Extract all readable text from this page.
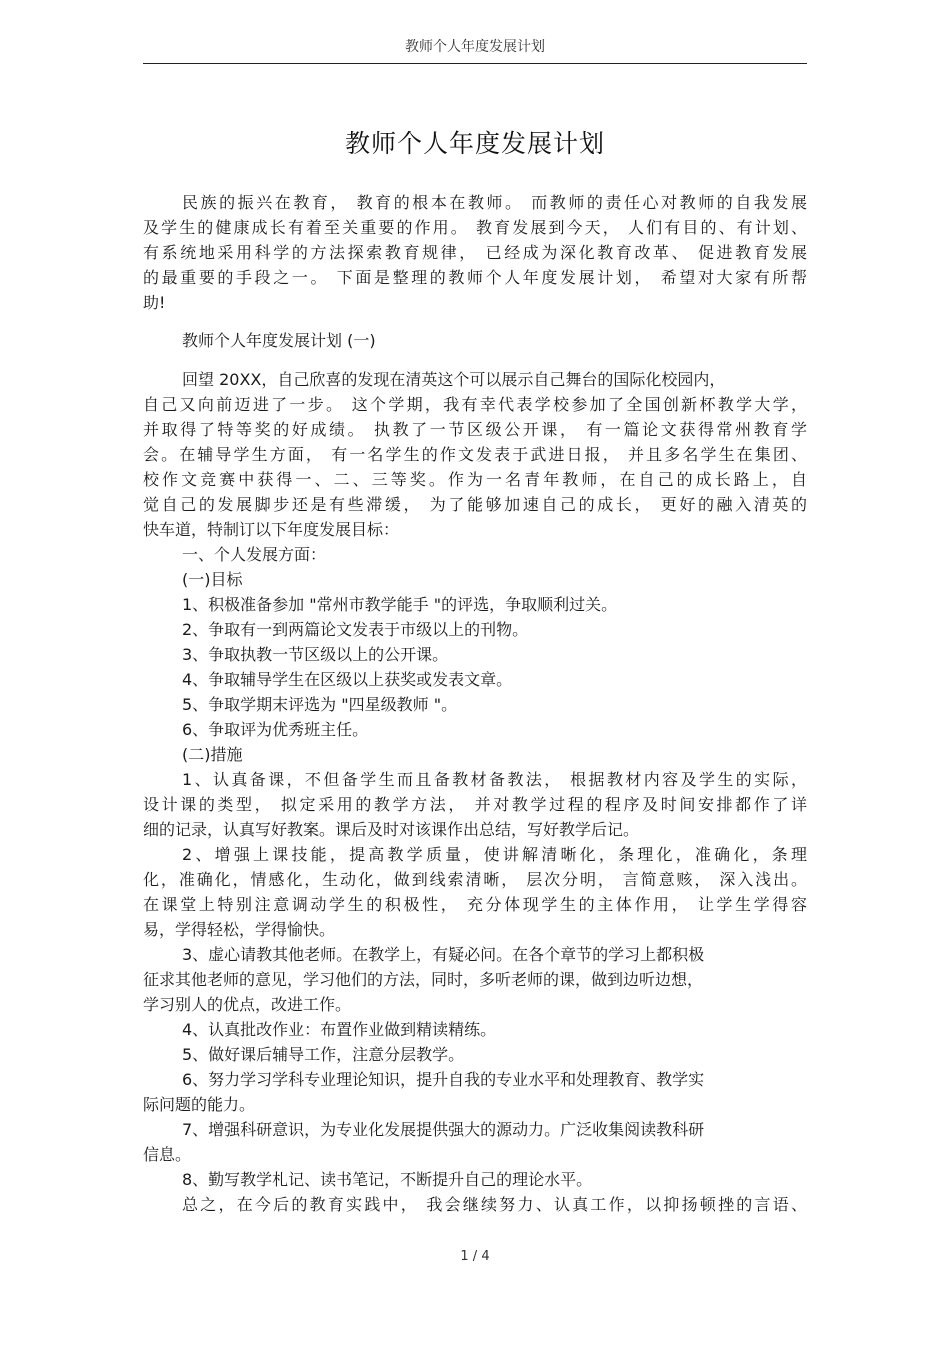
教师个人年度发展计划
教师个人年度发展计划
民族的振兴在教育， 教育的根本在教师。 而教师的责任心对教师的自我发展
及学生的健康成长有着至关重要的作用。 教育发展到今天， 人们有目的、有计划、
有系统地采用科学的方法探索教育规律， 已经成为深化教育改革、 促进教育发展
的最重要的手段之一。 下面是整理的教师个人年度发展计划， 希望对大家有所帮
助!
教师个人年度发展计划 (一)
回望 20XX，自己欣喜的发现在清英这个可以展示自己舞台的国际化校园内，
自己又向前迈进了一步。 这个学期，我有幸代表学校参加了全国创新杯教学大学，
并取得了特等奖的好成绩。 执教了一节区级公开课， 有一篇论文获得常州教育学
会。在辅导学生方面， 有一名学生的作文发表于武进日报， 并且多名学生在集团、
校作文竞赛中获得一、二、三等奖。作为一名青年教师，在自己的成长路上，自
觉自己的发展脚步还是有些滞缓， 为了能够加速自己的成长， 更好的融入清英的
快车道，特制订以下年度发展目标：
一、个人发展方面：
(一)目标
1、积极准备参加 "常州市教学能手 "的评选，争取顺利过关。
2、争取有一到两篇论文发表于市级以上的刊物。
3、争取执教一节区级以上的公开课。
4、争取辅导学生在区级以上获奖或发表文章。
5、争取学期末评选为 "四星级教师 "。
6、争取评为优秀班主任。
(二)措施
1、认真备课，不但备学生而且备教材备教法， 根据教材内容及学生的实际，
设计课的类型， 拟定采用的教学方法， 并对教学过程的程序及时间安排都作了详
细的记录，认真写好教案。课后及时对该课作出总结，写好教学后记。
2、增强上课技能，提高教学质量，使讲解清晰化，条理化，准确化，条理
化，准确化，情感化，生动化，做到线索清晰， 层次分明， 言简意赅， 深入浅出。
在课堂上特别注意调动学生的积极性， 充分体现学生的主体作用， 让学生学得容
易，学得轻松，学得愉快。
3、虚心请教其他老师。在教学上，有疑必问。在各个章节的学习上都积极
征求其他老师的意见，学习他们的方法，同时，多听老师的课，做到边听边想，
学习别人的优点，改进工作。
4、认真批改作业：布置作业做到精读精练。
5、做好课后辅导工作，注意分层教学。
6、努力学习学科专业理论知识，提升自我的专业水平和处理教育、教学实
际问题的能力。
7、增强科研意识，为专业化发展提供强大的源动力。广泛收集阅读教科研
信息。
8、勤写教学札记、读书笔记，不断提升自己的理论水平。
总之，在今后的教育实践中， 我会继续努力、认真工作，以抑扬顿挫的言语、
1 / 4
